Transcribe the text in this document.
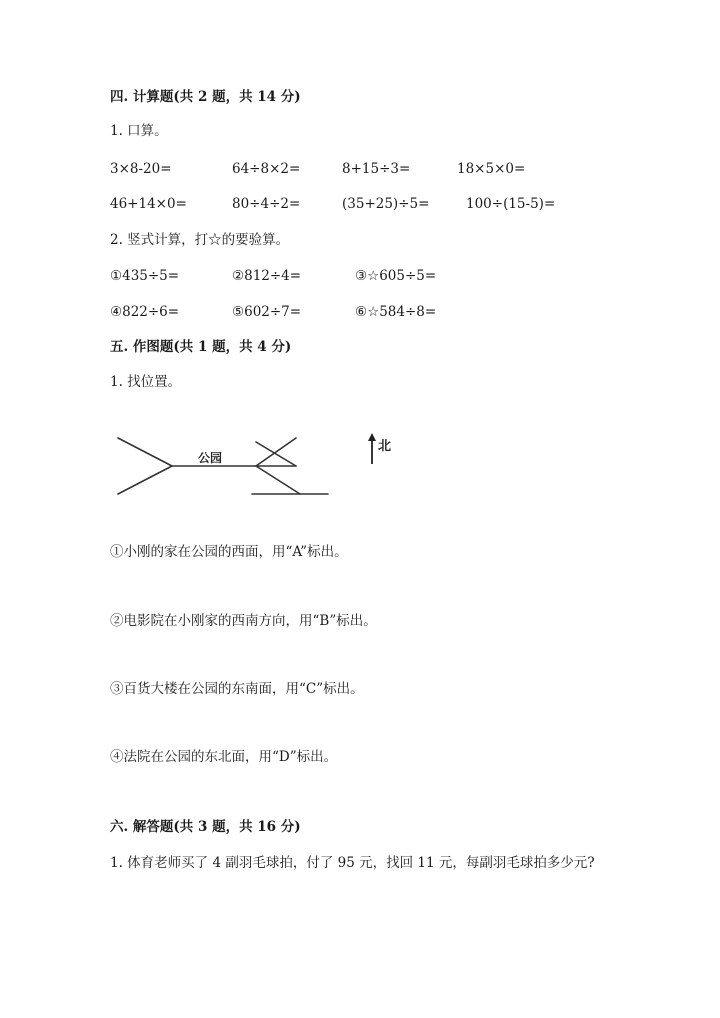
四. 计算题(共 2 题，共 14 分)
1. 口算。
3×8-20=	64÷8×2=	8+15÷3=	18×5×0=
46+14×0=	80÷4÷2=	(35+25)÷5=	100÷(15-5)=
2. 竖式计算，打☆的要验算。
①435÷5=	②812÷4=	③☆605÷5=
④822÷6=	⑤602÷7=	⑥☆584÷8=
五. 作图题(共 1 题，共 4 分)
1. 找位置。
公园
北
①小刚的家在公园的西面，用“A”标出。
②电影院在小刚家的西南方向，用“B”标出。
③百货大楼在公园的东南面，用“C”标出。
④法院在公园的东北面，用“D”标出。
六. 解答题(共 3 题，共 16 分)
1. 体育老师买了 4 副羽毛球拍，付了 95 元，找回 11 元，每副羽毛球拍多少元?
